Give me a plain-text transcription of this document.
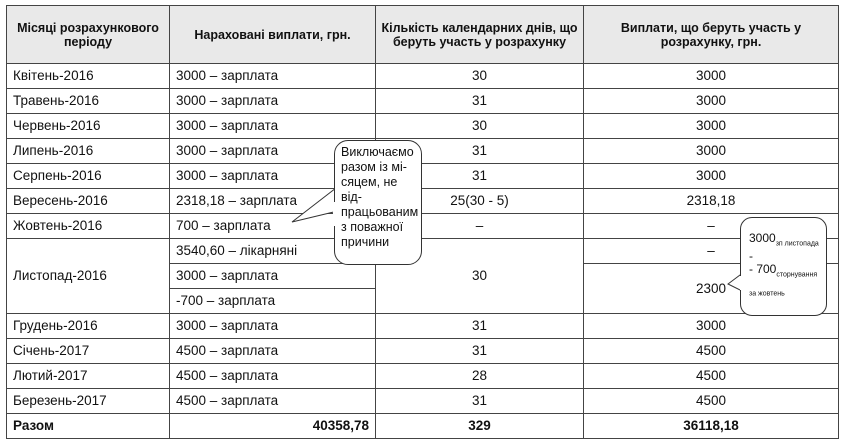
Місяці розрахункового періоду	Нараховані виплати, грн.	Кількість календарних днів, що беруть участь у розрахунку	Виплати, що беруть участь у розрахунку, грн.
Квітень-2016	3000 – зарплата	30	3000
Травень-2016	3000 – зарплата	31	3000
Червень-2016	3000 – зарплата	30	3000
Липень-2016	3000 – зарплата	31	3000
Серпень-2016	3000 – зарплата	31	3000
Вересень-2016	2318,18 – зарплата	25(30 - 5)	2318,18
Жовтень-2016	700 – зарплата	–	–
Листопад-2016	3540,60 – лікарняні	30	–
	3000 – зарплата		2300
	-700 – зарплата		
Грудень-2016	3000 – зарплата	31	3000
Січень-2017	4500 – зарплата	31	4500
Лютий-2017	4500 – зарплата	28	4500
Березень-2017	4500 – зарплата	31	4500
Разом	40358,78	329	36118,18
Виключаємо
разом із мі-
сяцем, не від-
працьованим
з поважної
причини	$3000_{зп листопада}$ -
- $700_{сторнування за жовтень}$
